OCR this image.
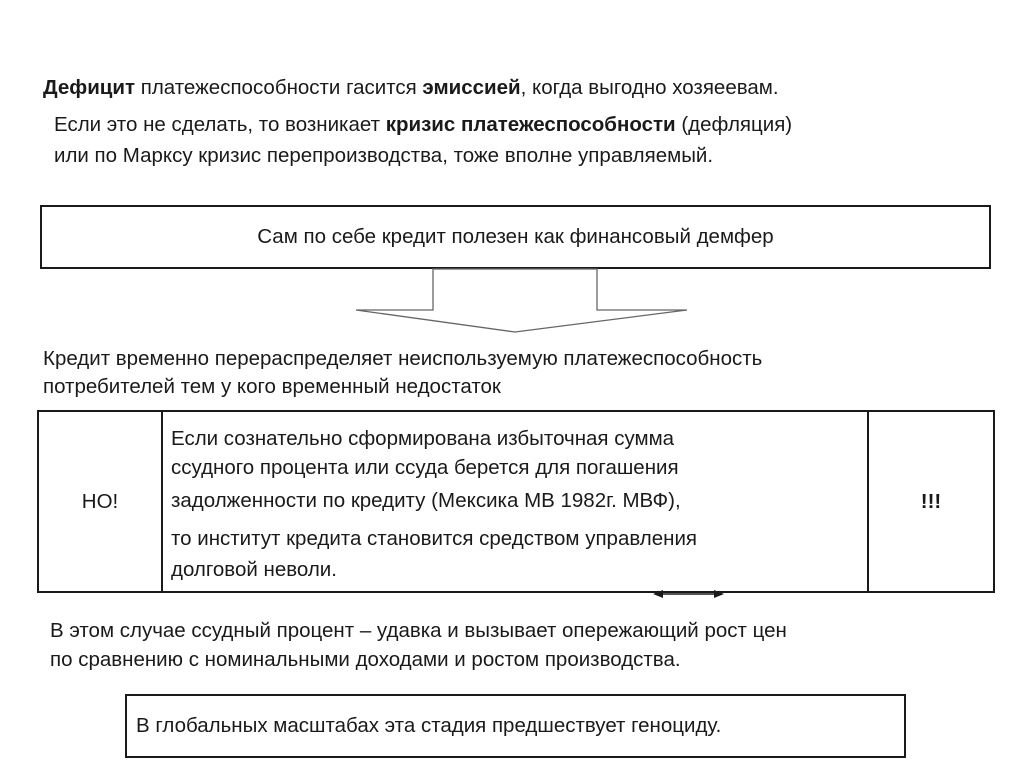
Дефицит платежеспособности гасится эмиссией, когда выгодно хозяеевам.
Если это не сделать, то возникает кризис платежеспособности (дефляция)
или по Марксу кризис перепроизводства, тоже вполне управляемый.
Сам по себе кредит полезен как финансовый демфер
Кредит временно перераспределяет неиспользуемую платежеспособность
потребителей тем у кого временный недостаток
НО!
Если сознательно сформирована избыточная сумма
ссудного процента или ссуда берется для погашения
задолженности по кредиту (Мексика МВ 1982г. МВФ),
то институт кредита становится средством управления
долговой неволи.
!!!
В этом случае ссудный процент – удавка и вызывает опережающий рост цен
по сравнению с номинальными доходами и ростом производства.
В глобальных масштабах эта стадия предшествует геноциду.
